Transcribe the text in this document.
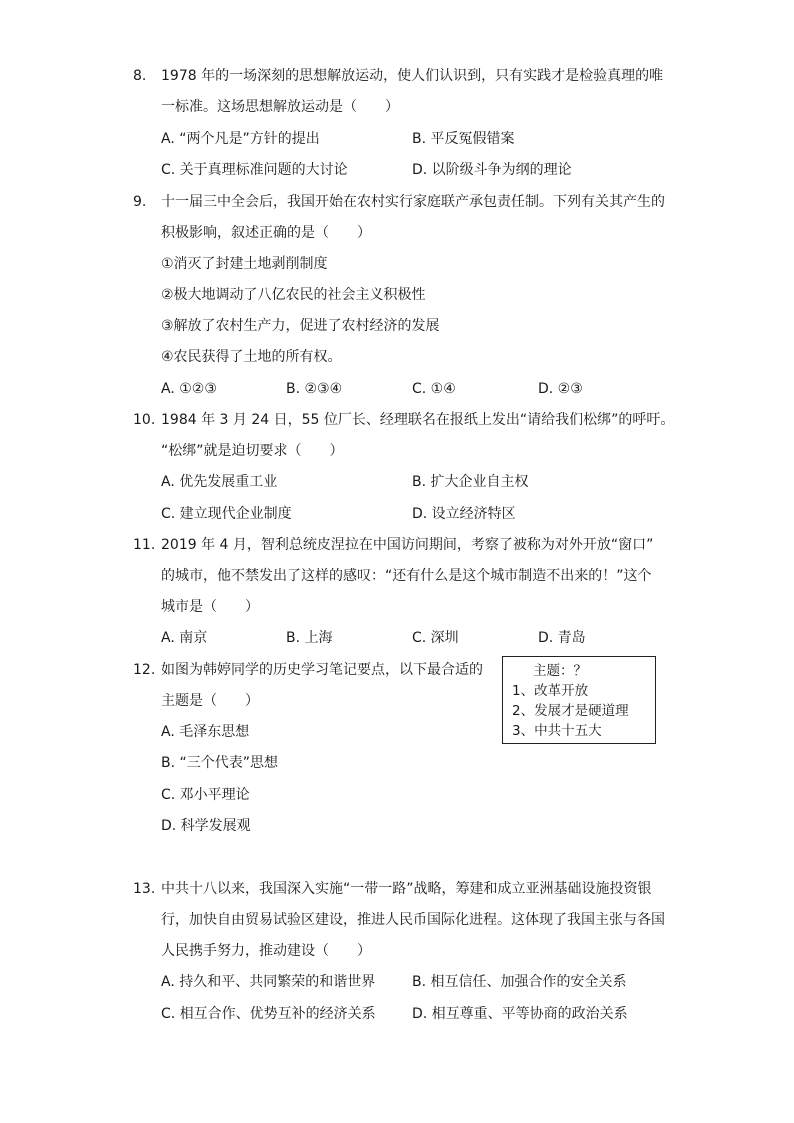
8. 1978 年的一场深刻的思想解放运动，使人们认识到，只有实践才是检验真理的唯
一标准。这场思想解放运动是（　　）
A. “两个凡是”方针的提出	B. 平反冤假错案
C. 关于真理标准问题的大讨论	D. 以阶级斗争为纲的理论
9. 十一届三中全会后，我国开始在农村实行家庭联产承包责任制。下列有关其产生的
积极影响，叙述正确的是（　　）
①消灭了封建土地剥削制度
②极大地调动了八亿农民的社会主义积极性
③解放了农村生产力，促进了农村经济的发展
④农民获得了土地的所有权。
A. ①②③	B. ②③④	C. ①④	D. ②③
10. 1984 年 3 月 24 日，55 位厂长、经理联名在报纸上发出“请给我们松绑”的呼吁。
“松绑”就是迫切要求（　　）
A. 优先发展重工业	B. 扩大企业自主权
C. 建立现代企业制度	D. 设立经济特区
11. 2019 年 4 月，智利总统皮涅拉在中国访问期间，考察了被称为对外开放“窗口”
的城市，他不禁发出了这样的感叹：“还有什么是这个城市制造不出来的！”这个
城市是（　　）
A. 南京	B. 上海	C. 深圳	D. 青岛
12. 如图为韩婷同学的历史学习笔记要点，以下最合适的
主题是（　　）
主题：？
1、改革开放
2、发展才是硬道理
3、中共十五大
A. 毛泽东思想
B. “三个代表”思想
C. 邓小平理论
D. 科学发展观
13. 中共十八以来，我国深入实施“一带一路”战略，筹建和成立亚洲基础设施投资银
行，加快自由贸易试验区建设，推进人民币国际化进程。这体现了我国主张与各国
人民携手努力，推动建设（　　）
A. 持久和平、共同繁荣的和谐世界	B. 相互信任、加强合作的安全关系
C. 相互合作、优势互补的经济关系	D. 相互尊重、平等协商的政治关系
